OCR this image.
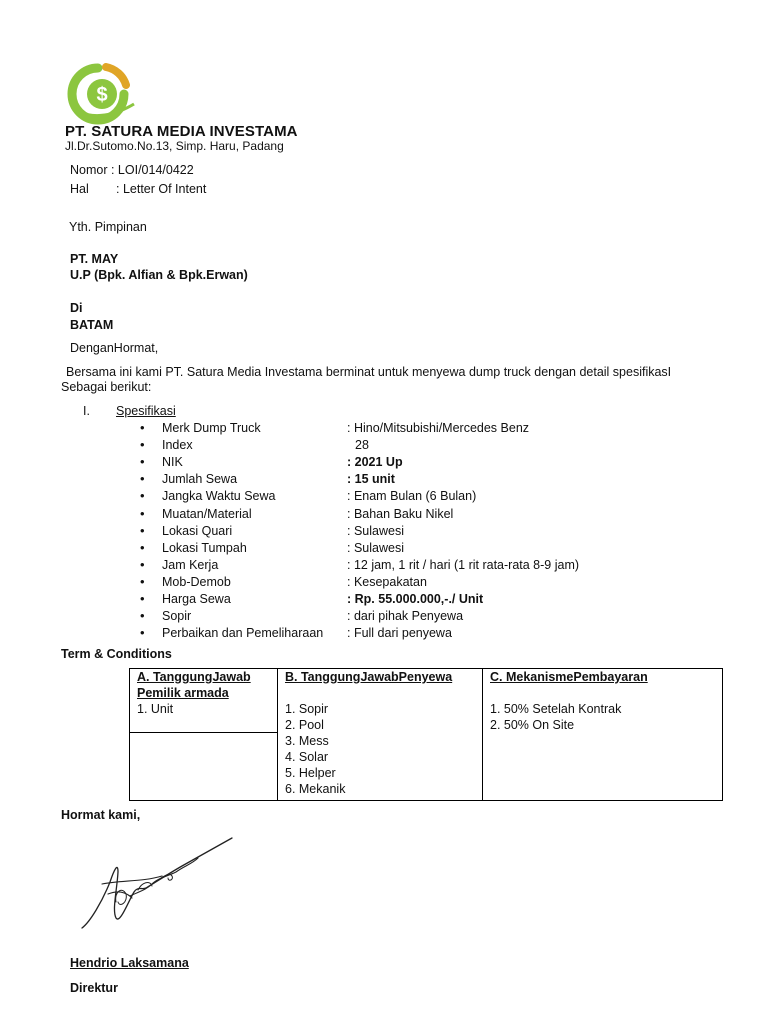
$
PT. SATURA MEDIA INVESTAMA
Jl.Dr.Sutomo.No.13, Simp. Haru, Padang
Nomor : LOI/014/0422
Hal : Letter Of Intent
Yth. Pimpinan
PT. MAY
U.P (Bpk. Alfian & Bpk.Erwan)
Di
BATAM
DenganHormat,
Bersama ini kami PT. Satura Media Investama berminat untuk menyewa dump truck dengan detail spesifikasI
Sebagai berikut:
I. Spesifikasi
• Merk Dump Truck	: Hino/Mitsubishi/Mercedes Benz
• Index	28
• NIK	: 2021 Up
• Jumlah Sewa	: 15 unit
• Jangka Waktu Sewa	: Enam Bulan (6 Bulan)
• Muatan/Material	: Bahan Baku Nikel
• Lokasi Quari	: Sulawesi
• Lokasi Tumpah	: Sulawesi
• Jam Kerja	: 12 jam, 1 rit / hari (1 rit rata-rata 8-9 jam)
• Mob-Demob	: Kesepakatan
• Harga Sewa	: Rp. 55.000.000,-./ Unit
• Sopir	: dari pihak Penyewa
• Perbaikan dan Pemeliharaan : Full dari penyewa
Term & Conditions
A. TanggungJawab
Pemilik armada
1. Unit

B. TanggungJawabPenyewa
1. Sopir
2. Pool
3. Mess
4. Solar
5. Helper
6. Mekanik

C. MekanismePembayaran
1. 50% Setelah Kontrak
2. 50% On Site

Hormat kami,
Hendrio Laksamana
Direktur
